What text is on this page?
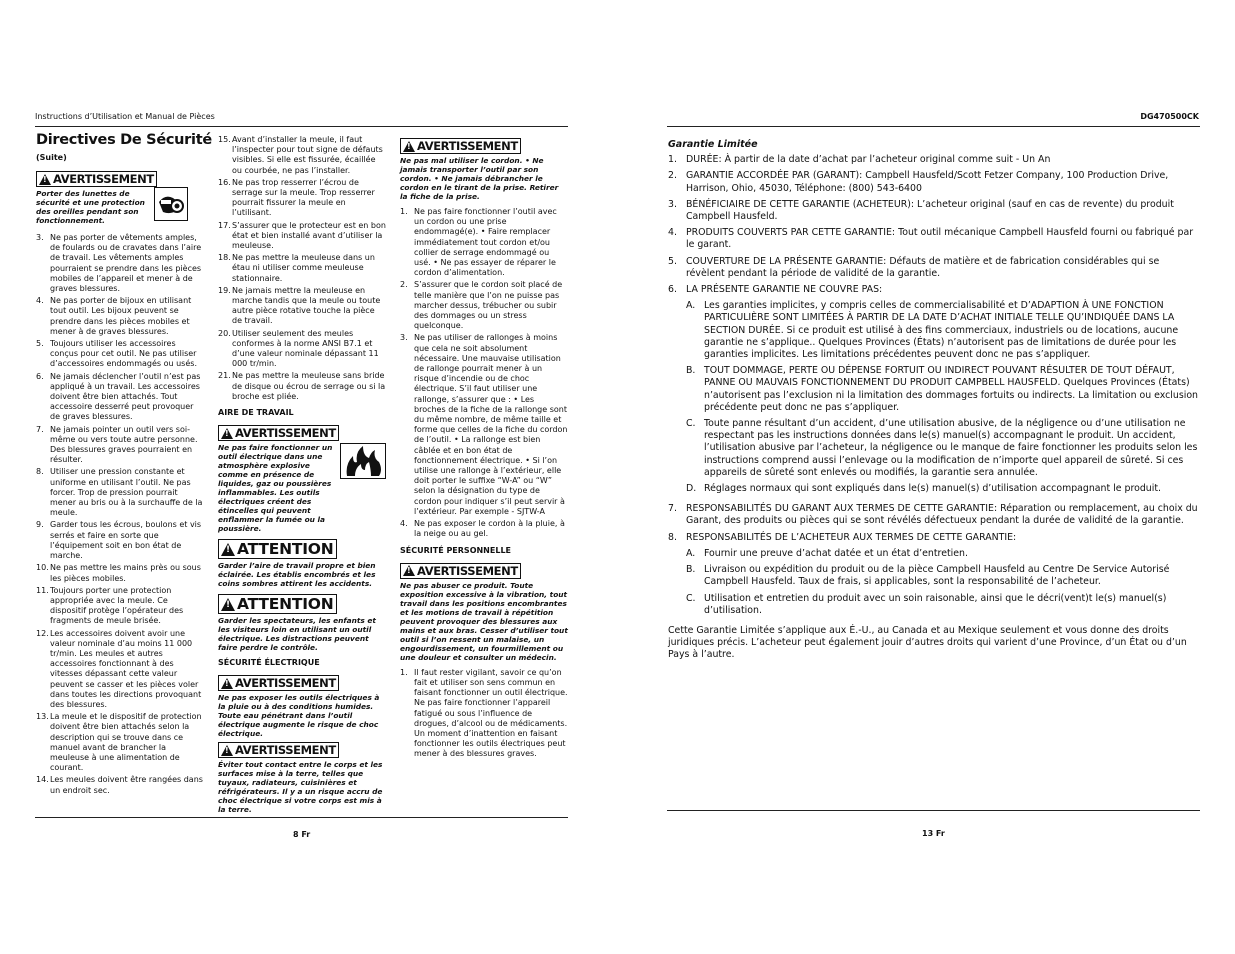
Instructions d’Utilisation et Manual de Pièces	DG470500CK
Directives De Sécurité
(Suite)
!
AVERTISSEMENT
Porter des lunettes de sécurité et une protection des oreilles pendant son fonctionnement.
3. Ne pas porter de vêtements amples, de foulards ou de cravates dans l’aire de travail. Les vêtements amples pourraient se prendre dans les pièces mobiles de l’appareil et mener à de graves blessures.
4. Ne pas porter de bijoux en utilisant tout outil. Les bijoux peuvent se prendre dans les pièces mobiles et mener à de graves blessures.
5. Toujours utiliser les accessoires conçus pour cet outil. Ne pas utiliser d’accessoires endommagés ou usés.
6. Ne jamais déclencher l’outil n’est pas appliqué à un travail. Les accessoires doivent être bien attachés. Tout accessoire desserré peut provoquer de graves blessures.
7. Ne jamais pointer un outil vers soi-même ou vers toute autre personne. Des blessures graves pourraient en résulter.
8. Utiliser une pression constante et uniforme en utilisant l’outil. Ne pas forcer. Trop de pression pourrait mener au bris ou à la surchauffe de la meule.
9. Garder tous les écrous, boulons et vis serrés et faire en sorte que l’équipement soit en bon état de marche.
10. Ne pas mettre les mains près ou sous les pièces mobiles.
11. Toujours porter une protection appropriée avec la meule. Ce dispositif protège l’opérateur des fragments de meule brisée.
12. Les accessoires doivent avoir une valeur nominale d’au moins 11 000 tr/min. Les meules et autres accessoires fonctionnant à des vitesses dépassant cette valeur peuvent se casser et les pièces voler dans toutes les directions provoquant des blessures.
13. La meule et le dispositif de protection doivent être bien attachés selon la description qui se trouve dans ce manuel avant de brancher la meuleuse à une alimentation de courant.
14. Les meules doivent être rangées dans un endroit sec.
15. Avant d’installer la meule, il faut l’inspecter pour tout signe de défauts visibles. Si elle est fissurée, écaillée ou courbée, ne pas l’installer.
16. Ne pas trop resserrer l’écrou de serrage sur la meule. Trop resserrer pourrait fissurer la meule en l’utilisant.
17. S’assurer que le protecteur est en bon état et bien installé avant d’utiliser la meuleuse.
18. Ne pas mettre la meuleuse dans un étau ni utiliser comme meuleuse stationnaire.
19. Ne jamais mettre la meuleuse en marche tandis que la meule ou toute autre pièce rotative touche la pièce de travail.
20. Utiliser seulement des meules conformes à la norme ANSI B7.1 et d’une valeur nominale dépassant 11 000 tr/min.
21. Ne pas mettre la meuleuse sans bride de disque ou écrou de serrage ou si la broche est pliée.
AIRE DE TRAVAIL
!
AVERTISSEMENT
Ne pas faire fonctionner un outil électrique dans une atmosphère explosive comme en présence de liquides, gaz ou poussières inflammables. Les outils électriques créent des étincelles qui peuvent enflammer la fumée ou la poussière.
!
ATTENTION
Garder l’aire de travail propre et bien éclairée. Les établis encombrés et les coins sombres attirent les accidents.
!
ATTENTION
Garder les spectateurs, les enfants et les visiteurs loin en utilisant un outil électrique. Les distractions peuvent faire perdre le contrôle.
SÉCURITÉ ÉLECTRIQUE
!
AVERTISSEMENT
Ne pas exposer les outils électriques à la pluie ou à des conditions humides. Toute eau pénétrant dans l’outil électrique augmente le risque de choc électrique.
!
AVERTISSEMENT
Éviter tout contact entre le corps et les surfaces mise à la terre, telles que tuyaux, radiateurs, cuisinières et réfrigérateurs. Il y a un risque accru de choc électrique si votre corps est mis à la terre.
!
AVERTISSEMENT
Ne pas mal utiliser le cordon. • Ne jamais transporter l’outil par son cordon. • Ne jamais débrancher le cordon en le tirant de la prise. Retirer la fiche de la prise.
1. Ne pas faire fonctionner l’outil avec un cordon ou une prise endommagé(e). • Faire remplacer immédiatement tout cordon et/ou collier de serrage endommagé ou usé. • Ne pas essayer de réparer le cordon d’alimentation.
2. S’assurer que le cordon soit placé de telle manière que l’on ne puisse pas marcher dessus, trébucher ou subir des dommages ou un stress quelconque.
3. Ne pas utiliser de rallonges à moins que cela ne soit absolument nécessaire. Une mauvaise utilisation de rallonge pourrait mener à un risque d’incendie ou de choc électrique. S’il faut utiliser une rallonge, s’assurer que : • Les broches de la fiche de la rallonge sont du même nombre, de même taille et forme que celles de la fiche du cordon de l’outil. • La rallonge est bien câblée et en bon état de fonctionnement électrique. • Si l’on utilise une rallonge à l’extérieur, elle doit porter le suffixe “W-A” ou “W” selon la désignation du type de cordon pour indiquer s’il peut servir à l’extérieur. Par exemple - SJTW-A
4. Ne pas exposer le cordon à la pluie, à la neige ou au gel.
SÉCURITÉ PERSONNELLE
!
AVERTISSEMENT
Ne pas abuser ce produit. Toute exposition excessive à la vibration, tout travail dans les positions encombrantes et les motions de travail à répétition peuvent provoquer des blessures aux mains et aux bras. Cesser d’utiliser tout outil si l’on ressent un malaise, un engourdissement, un fourmillement ou une douleur et consulter un médecin.
1. Il faut rester vigilant, savoir ce qu’on fait et utiliser son sens commun en faisant fonctionner un outil électrique. Ne pas faire fonctionner l’appareil fatigué ou sous l’influence de drogues, d’alcool ou de médicaments. Un moment d’inattention en faisant fonctionner les outils électriques peut mener à des blessures graves.
8 Fr
Garantie Limitée
1. DURÉE: À partir de la date d’achat par l’acheteur original comme suit - Un An
2. GARANTIE ACCORDÉE PAR (GARANT): Campbell Hausfeld/Scott Fetzer Company, 100 Production Drive, Harrison, Ohio, 45030, Téléphone: (800) 543-6400
3. BÉNÉFICIAIRE DE CETTE GARANTIE (ACHETEUR): L’acheteur original (sauf en cas de revente) du produit Campbell Hausfeld.
4. PRODUITS COUVERTS PAR CETTE GARANTIE: Tout outil mécanique Campbell Hausfeld fourni ou fabriqué par le garant.
5. COUVERTURE DE LA PRÉSENTE GARANTIE: Défauts de matière et de fabrication considérables qui se révèlent pendant la période de validité de la garantie.
6. LA PRÉSENTE GARANTIE NE COUVRE PAS:
A. Les garanties implicites, y compris celles de commercialisabilité et D’ADAPTION À UNE FONCTION PARTICULIÈRE SONT LIMITÉES À PARTIR DE LA DATE D’ACHAT INITIALE TELLE QU’INDIQUÉE DANS LA SECTION DURÉE. Si ce produit est utilisé à des fins commerciaux, industriels ou de locations, aucune garantie ne s’applique.. Quelques Provinces (États) n’autorisent pas de limitations de durée pour les garanties implicites. Les limitations précédentes peuvent donc ne pas s’appliquer.
B. TOUT DOMMAGE, PERTE OU DÉPENSE FORTUIT OU INDIRECT POUVANT RÉSULTER DE TOUT DÉFAUT, PANNE OU MAUVAIS FONCTIONNEMENT DU PRODUIT CAMPBELL HAUSFELD. Quelques Provinces (États) n’autorisent pas l’exclusion ni la limitation des dommages fortuits ou indirects. La limitation ou exclusion précédente peut donc ne pas s’appliquer.
C. Toute panne résultant d’un accident, d’une utilisation abusive, de la négligence ou d’une utilisation ne respectant pas les instructions données dans le(s) manuel(s) accompagnant le produit. Un accident, l’utilisation abusive par l’acheteur, la négligence ou le manque de faire fonctionner les produits selon les instructions comprend aussi l’enlevage ou la modification de n’importe quel appareil de sûreté. Si ces appareils de sûreté sont enlevés ou modifiés, la garantie sera annulée.
D. Réglages normaux qui sont expliqués dans le(s) manuel(s) d’utilisation accompagnant le produit.
7. RESPONSABILITÉS DU GARANT AUX TERMES DE CETTE GARANTIE: Réparation ou remplacement, au choix du Garant, des produits ou pièces qui se sont révélés défectueux pendant la durée de validité de la garantie.
8. RESPONSABILITÉS DE L’ACHETEUR AUX TERMES DE CETTE GARANTIE:
A. Fournir une preuve d’achat datée et un état d’entretien.
B. Livraison ou expédition du produit ou de la pièce Campbell Hausfeld au Centre De Service Autorisé Campbell Hausfeld. Taux de frais, si applicables, sont la responsabilité de l’acheteur.
C. Utilisation et entretien du produit avec un soin raisonable, ainsi que le décri(vent)t le(s) manuel(s) d’utilisation.
Cette Garantie Limitée s’applique aux É.-U., au Canada et au Mexique seulement et vous donne des droits juridiques précis. L’acheteur peut également jouir d’autres droits qui varient d’une Province, d’un État ou d’un Pays à l’autre.
13 Fr
